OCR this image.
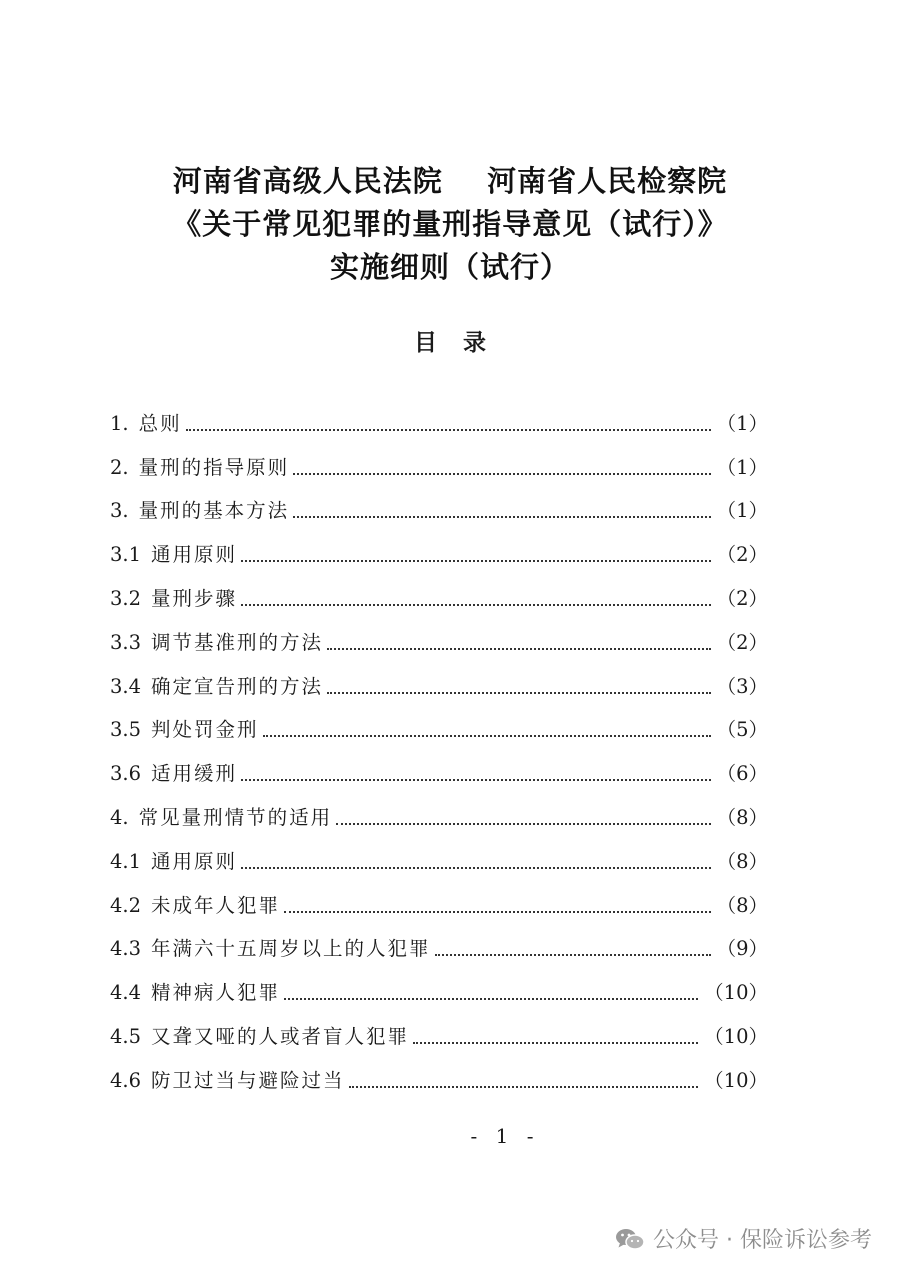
河南省高级人民法院    河南省人民检察院
《关于常见犯罪的量刑指导意见（试行）》
实施细则（试行）
目 录
1. 总则	（1）
2. 量刑的指导原则	（1）
3. 量刑的基本方法	（1）
3.1 通用原则	（2）
3.2 量刑步骤	（2）
3.3 调节基准刑的方法	（2）
3.4 确定宣告刑的方法	（3）
3.5 判处罚金刑	（5）
3.6 适用缓刑	（6）
4. 常见量刑情节的适用	（8）
4.1 通用原则	（8）
4.2 未成年人犯罪	（8）
4.3 年满六十五周岁以上的人犯罪	（9）
4.4 精神病人犯罪	（10）
4.5 又聋又哑的人或者盲人犯罪	（10）
4.6 防卫过当与避险过当	（10）
- 1 -
公众号 · 保险诉讼参考
